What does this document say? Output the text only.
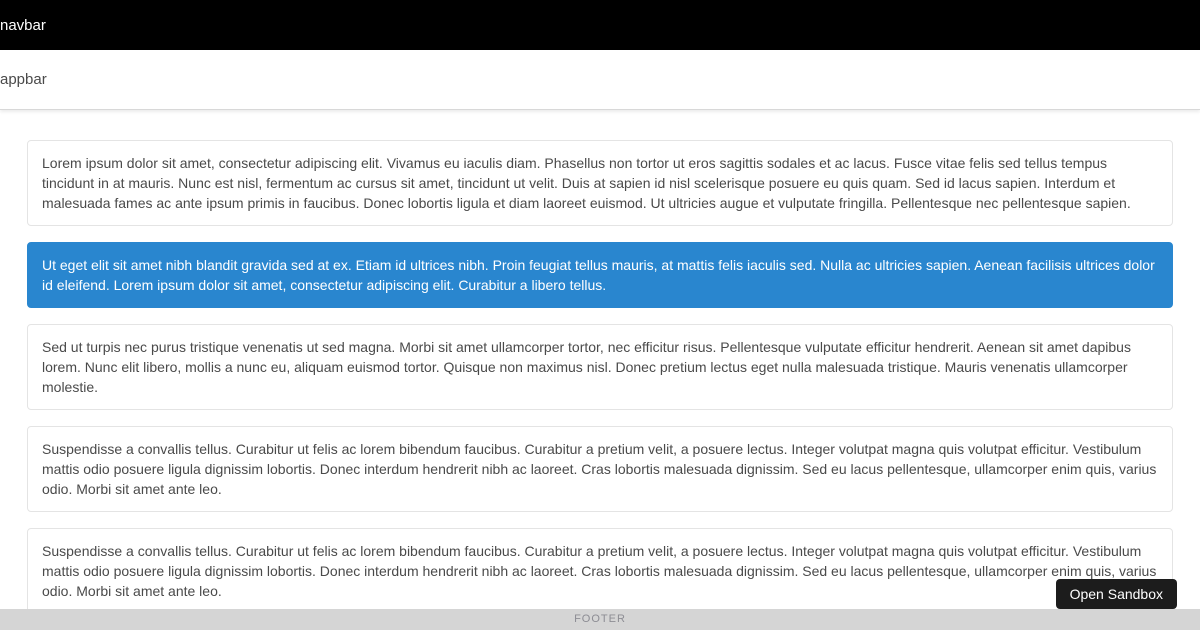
navbar
appbar
Lorem ipsum dolor sit amet, consectetur adipiscing elit. Vivamus eu iaculis diam. Phasellus non tortor ut eros sagittis sodales et ac lacus. Fusce vitae felis sed tellus tempus tincidunt in at mauris. Nunc est nisl, fermentum ac cursus sit amet, tincidunt ut velit. Duis at sapien id nisl scelerisque posuere eu quis quam. Sed id lacus sapien. Interdum et malesuada fames ac ante ipsum primis in faucibus. Donec lobortis ligula et diam laoreet euismod. Ut ultricies augue et vulputate fringilla. Pellentesque nec pellentesque sapien.
Ut eget elit sit amet nibh blandit gravida sed at ex. Etiam id ultrices nibh. Proin feugiat tellus mauris, at mattis felis iaculis sed. Nulla ac ultricies sapien. Aenean facilisis ultrices dolor id eleifend. Lorem ipsum dolor sit amet, consectetur adipiscing elit. Curabitur a libero tellus.
Sed ut turpis nec purus tristique venenatis ut sed magna. Morbi sit amet ullamcorper tortor, nec efficitur risus. Pellentesque vulputate efficitur hendrerit. Aenean sit amet dapibus lorem. Nunc elit libero, mollis a nunc eu, aliquam euismod tortor. Quisque non maximus nisl. Donec pretium lectus eget nulla malesuada tristique. Mauris venenatis ullamcorper molestie.
Suspendisse a convallis tellus. Curabitur ut felis ac lorem bibendum faucibus. Curabitur a pretium velit, a posuere lectus. Integer volutpat magna quis volutpat efficitur. Vestibulum mattis odio posuere ligula dignissim lobortis. Donec interdum hendrerit nibh ac laoreet. Cras lobortis malesuada dignissim. Sed eu lacus pellentesque, ullamcorper enim quis, varius odio. Morbi sit amet ante leo.
Suspendisse a convallis tellus. Curabitur ut felis ac lorem bibendum faucibus. Curabitur a pretium velit, a posuere lectus. Integer volutpat magna quis volutpat efficitur. Vestibulum mattis odio posuere ligula dignissim lobortis. Donec interdum hendrerit nibh ac laoreet. Cras lobortis malesuada dignissim. Sed eu lacus pellentesque, ullamcorper enim quis, varius odio. Morbi sit amet ante leo.
FOOTER
Open Sandbox
